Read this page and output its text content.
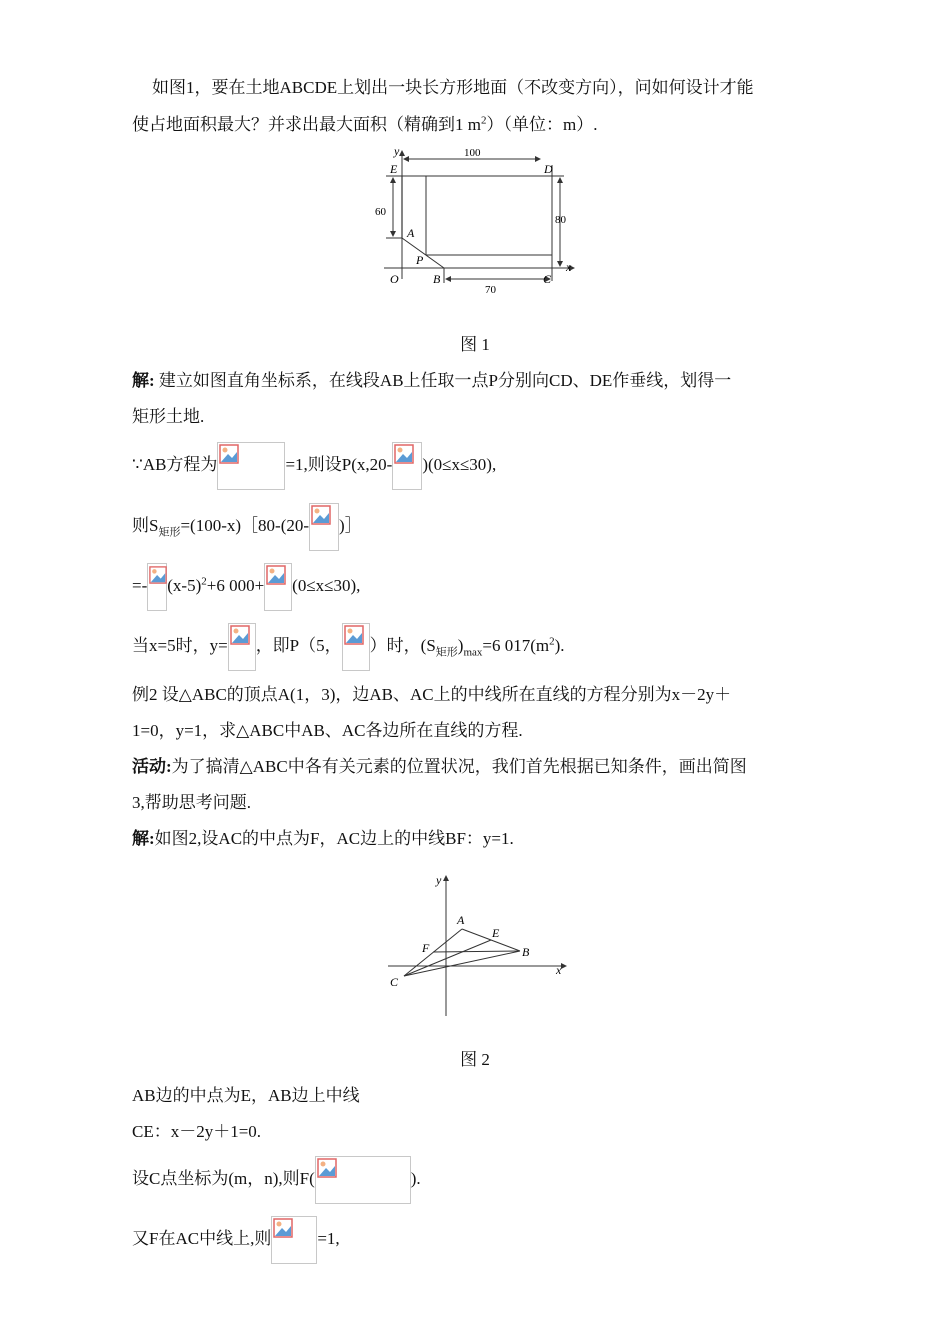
如图1，要在土地ABCDE上划出一块长方形地面（不改变方向），问如何设计才能
使占地面积最大？并求出最大面积（精确到1 $m^2$）（单位：m）.
y
x
E	D
A
P
O	B	C
100
60
80
70
图 1
解: 建立如图直角坐标系，在线段AB上任取一点P分别向CD、DE作垂线，划得一
矩形土地.
∵AB方程为	=1,则设P(x,20- )(0≤x≤30),
则$S_{矩形}=(100-x)[80-(20-$ )］
=- $(x-5)^2+6$ 000+ (0≤x≤30),
当x=5时，y= ，即P（5， ）时，$(S_{矩形})_{max}=6$ $017(m^2)$.
例2 设△ABC的顶点A(1，3)，边AB、AC上的中线所在直线的方程分别为x－2y＋
1=0，y=1，求△ABC中AB、AC各边所在直线的方程.
活动:为了搞清△ABC中各有关元素的位置状况，我们首先根据已知条件，画出简图
3,帮助思考问题.
解:如图2,设AC的中点为F，AC边上的中线BF：y=1.
y
x
A
E
F	B
C
图 2
AB边的中点为E，AB边上中线
CE：x－2y＋1=0.
设C点坐标为(m，n),则F(	).
又F在AC中线上,则	=1,
